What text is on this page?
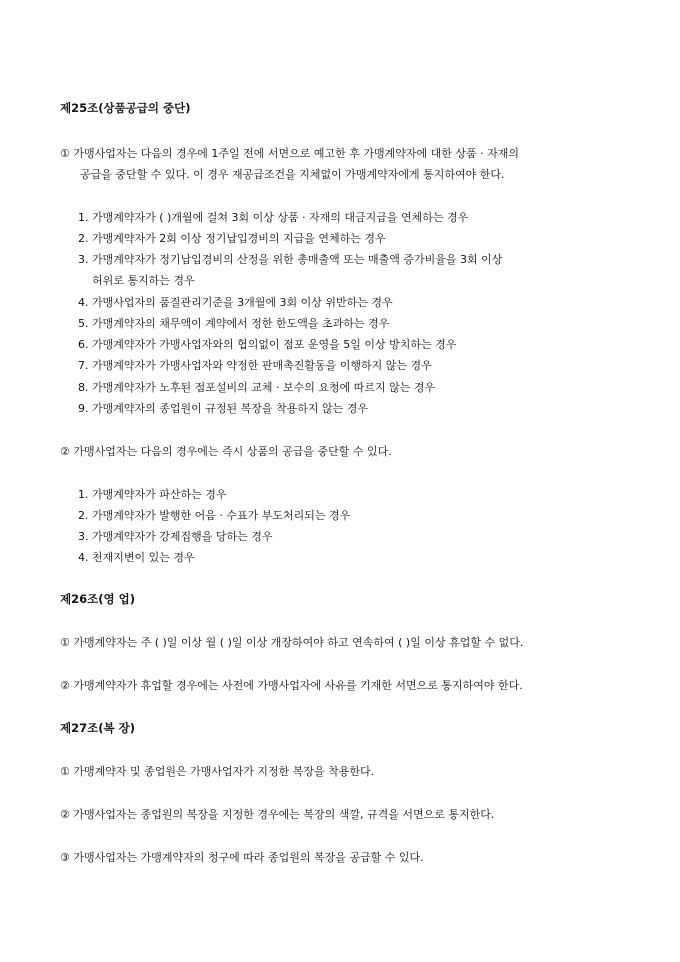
제25조(상품공급의 중단)
① 가맹사업자는 다음의 경우에 1주일 전에 서면으로 예고한 후 가맹계약자에 대한 상품 · 자재의
공급을 중단할 수 있다. 이 경우 재공급조건을 지체없이 가맹계약자에게 통지하여야 한다.
1. 가맹계약자가 ( )개월에 걸쳐 3회 이상 상품 · 자재의 대금지급을 연체하는 경우
2. 가맹계약자가 2회 이상 정기납입경비의 지급을 연체하는 경우
3. 가맹계약자가 정기납입경비의 산정을 위한 총매출액 또는 매출액 증가비율을 3회 이상
허위로 통지하는 경우
4. 가맹사업자의 품질관리기준을 3개월에 3회 이상 위반하는 경우
5. 가맹계약자의 채무액이 계약에서 정한 한도액을 초과하는 경우
6. 가맹계약자가 가맹사업자와의 협의없이 점포 운영을 5일 이상 방치하는 경우
7. 가맹계약자가 가맹사업자와 약정한 판매촉진활동을 이행하지 않는 경우
8. 가맹계약자가 노후된 점포설비의 교체 · 보수의 요청에 따르지 않는 경우
9. 가맹계약자의 종업원이 규정된 복장을 착용하지 않는 경우
② 가맹사업자는 다음의 경우에는 즉시 상품의 공급을 중단할 수 있다.
1. 가맹계약자가 파산하는 경우
2. 가맹계약자가 발행한 어음 · 수표가 부도처리되는 경우
3. 가맹계약자가 강제집행을 당하는 경우
4. 천재지변이 있는 경우
제26조(영 업)
① 가맹계약자는 주 ( )일 이상 월 ( )일 이상 개장하여야 하고 연속하여 ( )일 이상 휴업할 수 없다.
② 가맹계약자가 휴업할 경우에는 사전에 가맹사업자에 사유를 기재한 서면으로 통지하여야 한다.
제27조(복 장)
① 가맹계약자 및 종업원은 가맹사업자가 지정한 복장을 착용한다.
② 가맹사업자는 종업원의 복장을 지정한 경우에는 복장의 색깔, 규격을 서면으로 통지한다.
③ 가맹사업자는 가맹계약자의 청구에 따라 종업원의 복장을 공급할 수 있다.
